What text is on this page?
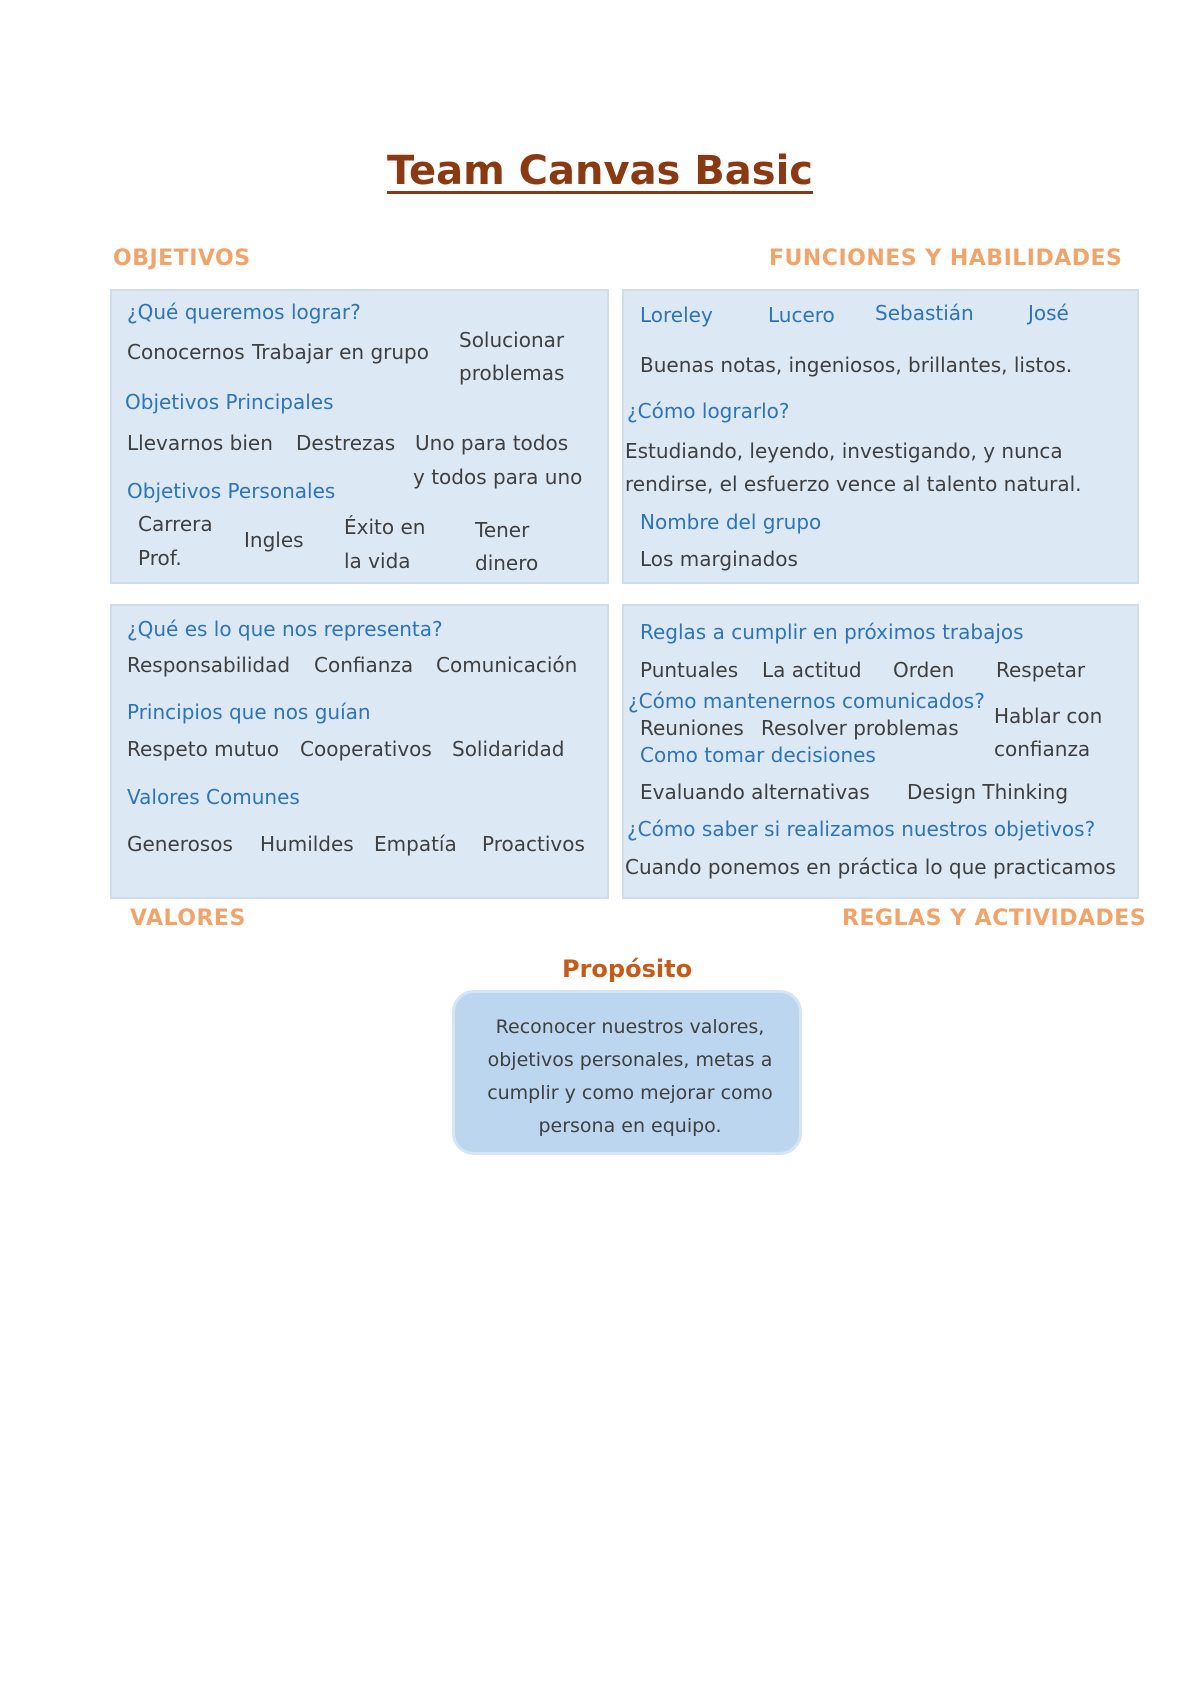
Team Canvas Basic
OBJETIVOS	FUNCIONES Y HABILIDADES
VALORES	REGLAS Y ACTIVIDADES
¿Qué queremos lograr?
Conocernos Trabajar en grupo Solucionar
problemas
Objetivos Principales
Llevarnos bien Destrezas Uno para todos
y todos para uno
Objetivos Personales
Carrera
Prof.
Ingles
Éxito en
la vida
Tener
dinero
Loreley	Lucero Sebastián	José
Buenas notas, ingeniosos, brillantes, listos.
¿Cómo lograrlo?
Estudiando, leyendo, investigando, y nunca
rendirse, el esfuerzo vence al talento natural.
Nombre del grupo
Los marginados
¿Qué es lo que nos representa?
Responsabilidad Confianza Comunicación
Principios que nos guían
Respeto mutuo Cooperativos Solidaridad
Valores Comunes
Generosos Humildes Empatía Proactivos
Reglas a cumplir en próximos trabajos
Puntuales La actitud Orden Respetar
¿Cómo mantenernos comunicados?
Reuniones Resolver problemas Hablar con
confianza
Como tomar decisiones
Evaluando alternativas Design Thinking
¿Cómo saber si realizamos nuestros objetivos?
Cuando ponemos en práctica lo que practicamos
Propósito
Reconocer nuestros valores, objetivos personales, metas a cumplir y como mejorar como persona en equipo.
